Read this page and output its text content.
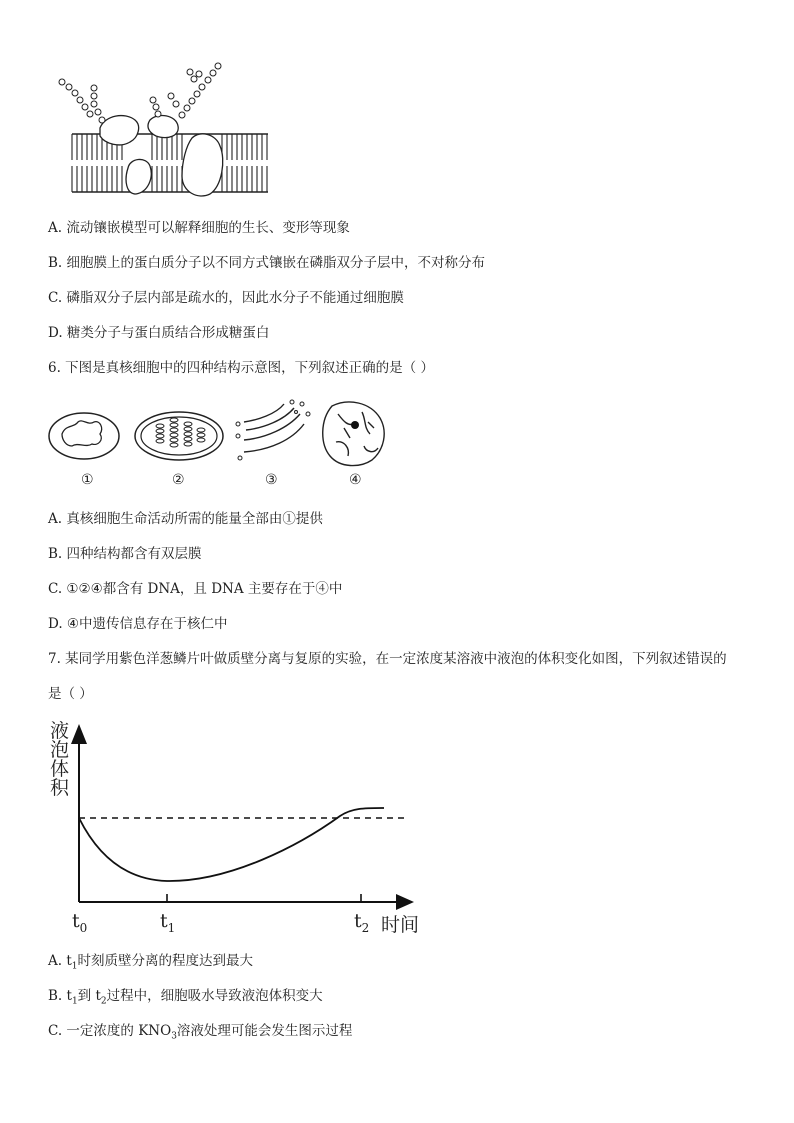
A. 流动镶嵌模型可以解释细胞的生长、变形等现象
B. 细胞膜上的蛋白质分子以不同方式镶嵌在磷脂双分子层中，不对称分布
C. 磷脂双分子层内部是疏水的，因此水分子不能通过细胞膜
D. 糖类分子与蛋白质结合形成糖蛋白
6. 下图是真核细胞中的四种结构示意图，下列叙述正确的是（ ）
①	②	③	④
A. 真核细胞生命活动所需的能量全部由①提供
B. 四种结构都含有双层膜
C. ①②④都含有 DNA，且 DNA 主要存在于④中
D. ④中遗传信息存在于核仁中
7. 某同学用紫色洋葱鳞片叶做质壁分离与复原的实验，在一定浓度某溶液中液泡的体积变化如图，下列叙述错误的
是（ ）
液泡体积
$t_0$	$t_1$	$t_2$ 时间
A. $t_1$时刻质壁分离的程度达到最大
B. $t_1$到 $t_2$过程中，细胞吸水导致液泡体积变大
C. 一定浓度的 $KNO_3$溶液处理可能会发生图示过程
